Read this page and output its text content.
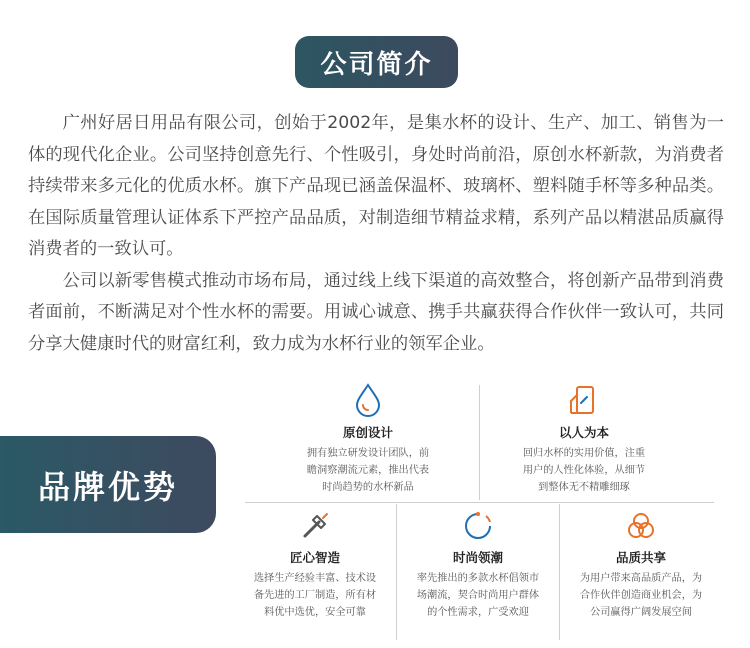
公司简介

广州好居日用品有限公司，创始于2002年，是集水杯的设计、生产、加工、销售为一体的现代化企业。公司坚持创意先行、个性吸引，身处时尚前沿，原创水杯新款，为消费者持续带来多元化的优质水杯。旗下产品现已涵盖保温杯、玻璃杯、塑料随手杯等多种品类。在国际质量管理认证体系下严控产品品质，对制造细节精益求精，系列产品以精湛品质赢得消费者的一致认可。

公司以新零售模式推动市场布局，通过线上线下渠道的高效整合，将创新产品带到消费者面前，不断满足对个性水杯的需要。用诚心诚意、携手共赢获得合作伙伴一致认可，共同分享大健康时代的财富红利，致力成为水杯行业的领军企业。

品牌优势
原创设计
拥有独立研发设计团队，前
瞻洞察潮流元素，推出代表
时尚趋势的水杯新品
以人为本
回归水杯的实用价值，注重
用户的人性化体验，从细节
到整体无不精雕细琢
匠心智造
选择生产经验丰富、技术设
备先进的工厂制造，所有材
料优中选优，安全可靠
时尚领潮
率先推出的多款水杯倡领市
场潮流，契合时尚用户群体
的个性需求，广受欢迎
品质共享
为用户带来高品质产品，为
合作伙伴创造商业机会，为
公司赢得广阔发展空间
